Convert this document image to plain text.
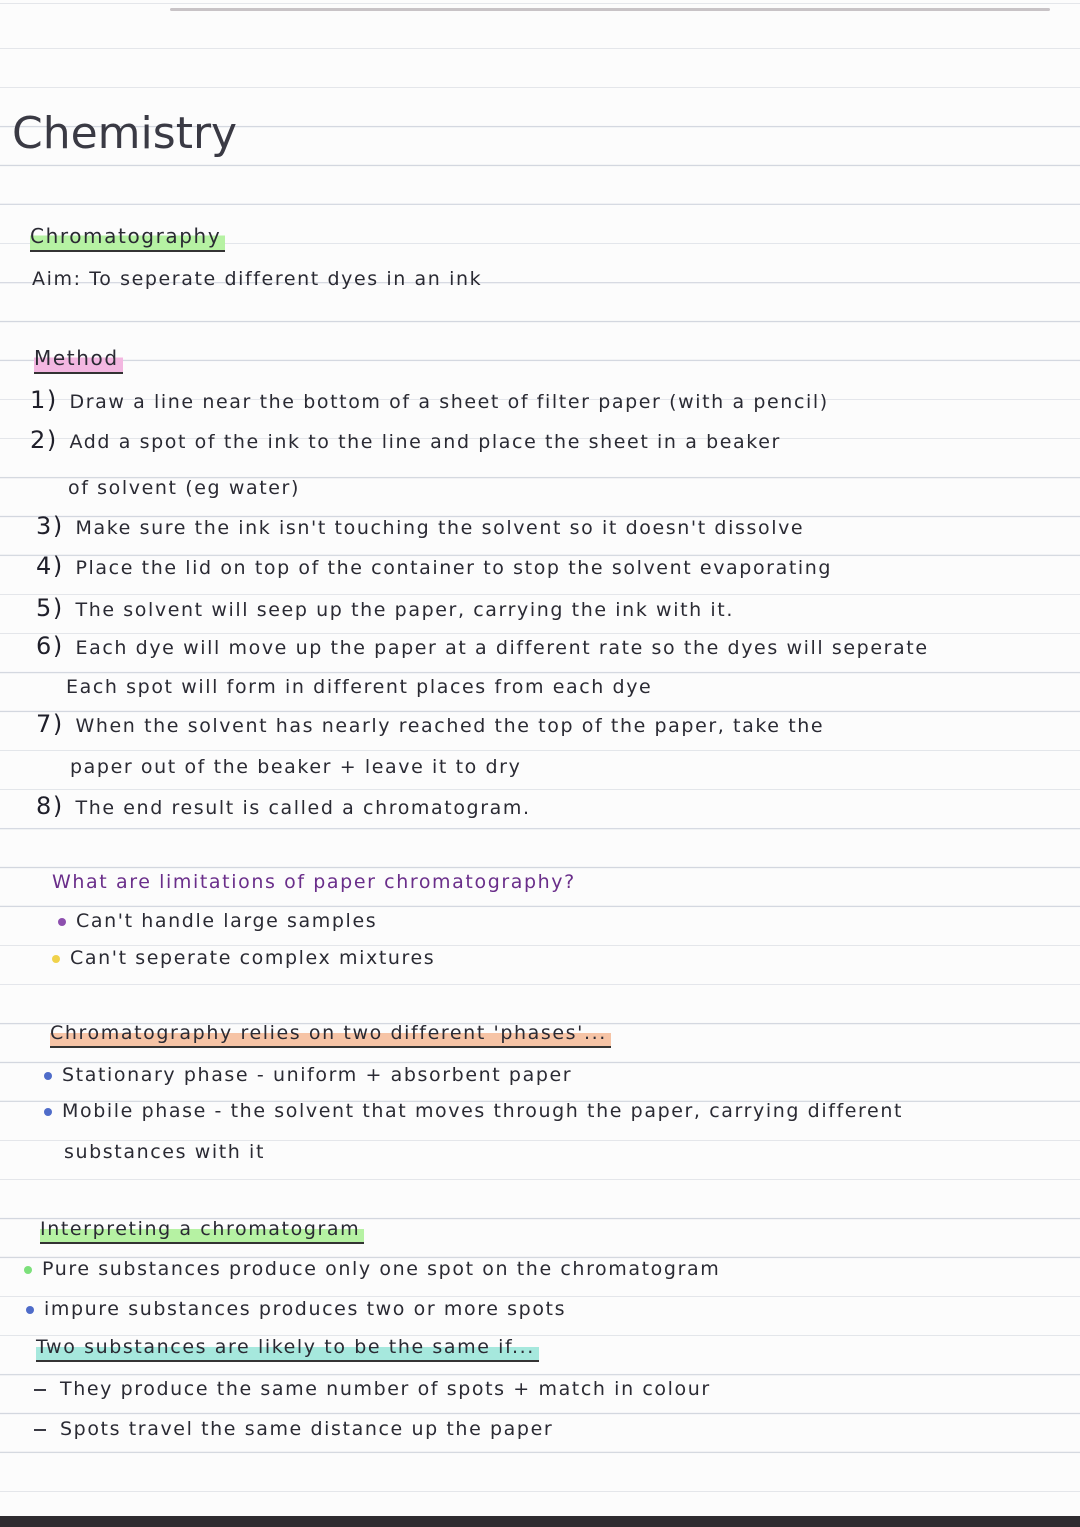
Chemistry
Chromatography
Aim: To seperate different dyes in an ink
Method
1) Draw a line near the bottom of a sheet of filter paper (with a pencil)
2) Add a spot of the ink to the line and place the sheet in a beaker
of solvent (eg water)
3) Make sure the ink isn't touching the solvent so it doesn't dissolve
4) Place the lid on top of the container to stop the solvent evaporating
5) The solvent will seep up the paper, carrying the ink with it.
6) Each dye will move up the paper at a different rate so the dyes will seperate
Each spot will form in different places from each dye
7) When the solvent has nearly reached the top of the paper, take the
paper out of the beaker + leave it to dry
8) The end result is called a chromatogram.
What are limitations of paper chromatography?
Can't handle large samples
Can't seperate complex mixtures
Chromatography relies on two different 'phases'...
Stationary phase - uniform + absorbent paper
Mobile phase - the solvent that moves through the paper, carrying different
substances with it
Interpreting a chromatogram
Pure substances produce only one spot on the chromatogram
impure substances produces two or more spots
Two substances are likely to be the same if...
They produce the same number of spots + match in colour
Spots travel the same distance up the paper
